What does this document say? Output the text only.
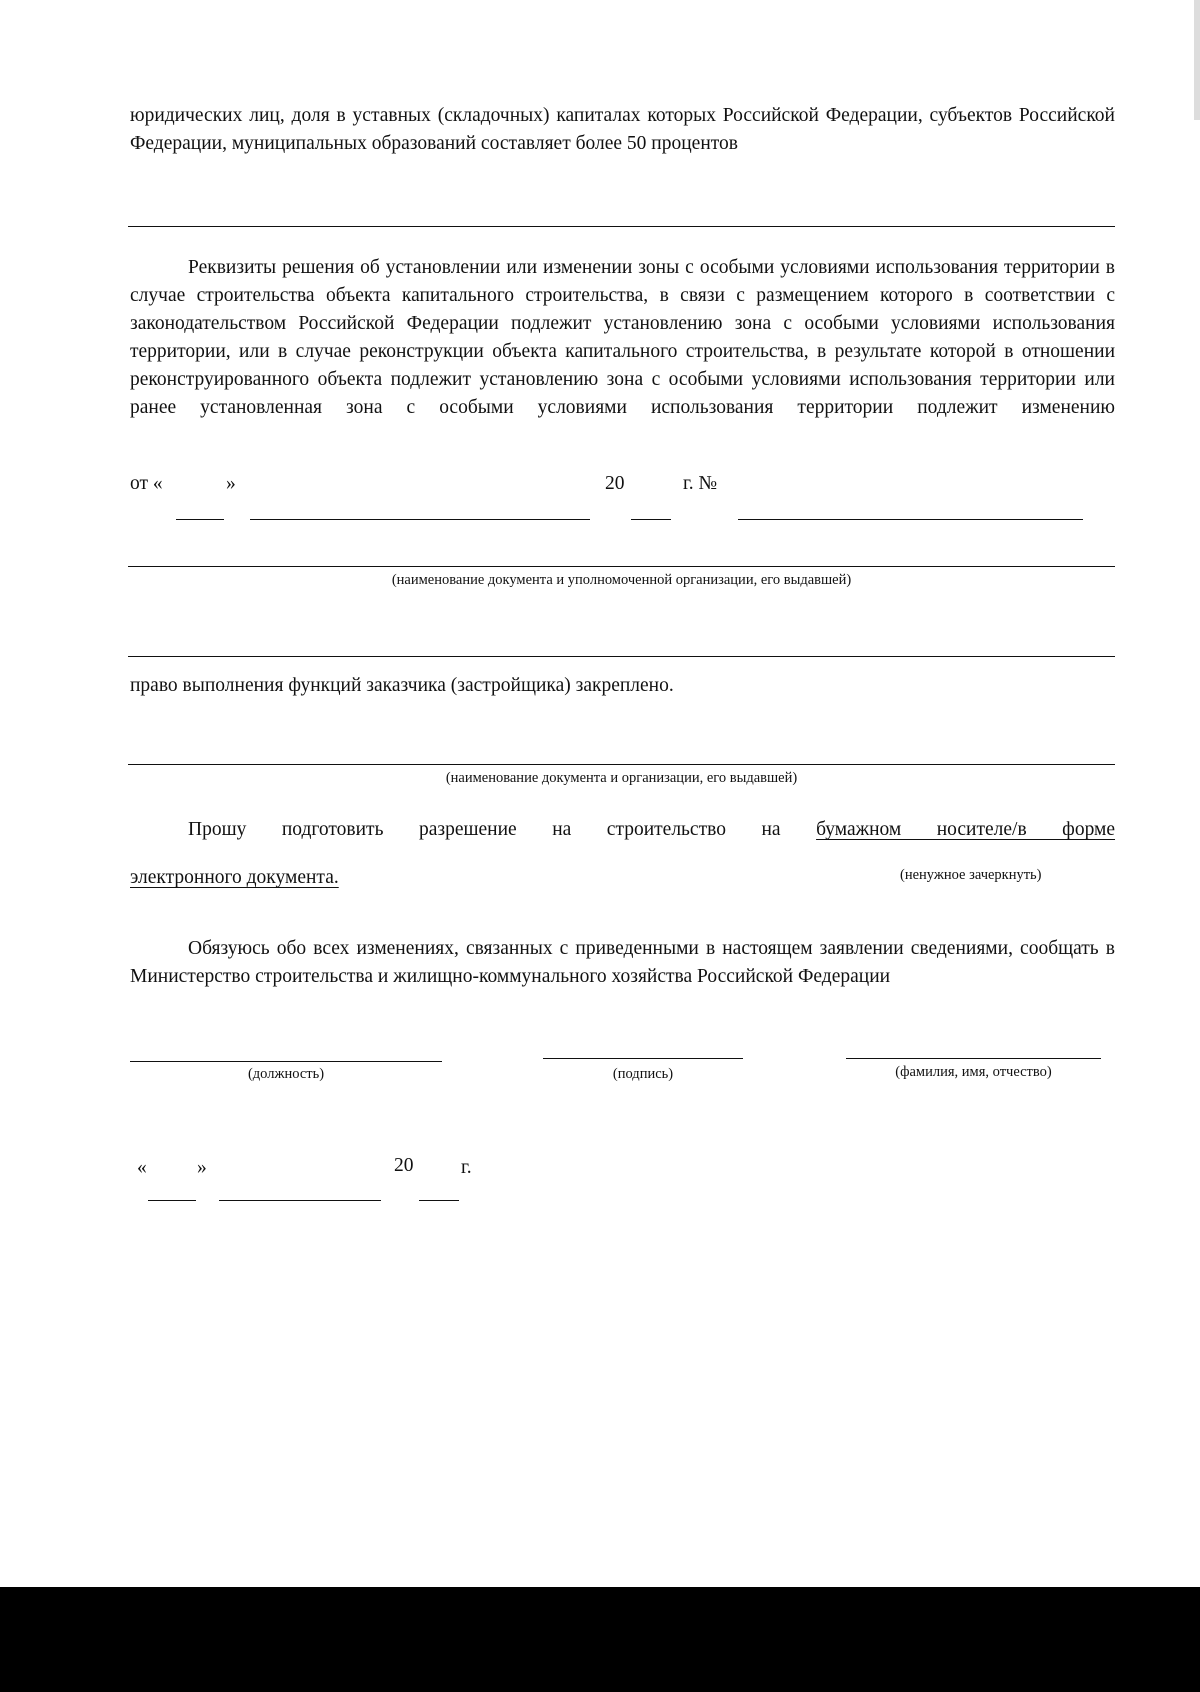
юридических лиц, доля в уставных (складочных) капиталах которых Российской Федерации, субъектов Российской Федерации, муниципальных образований составляет более 50 процентов
Реквизиты решения об установлении или изменении зоны с особыми условиями использования территории в случае строительства объекта капитального строительства, в связи с размещением которого в соответствии с законодательством Российской Федерации подлежит установлению зона с особыми условиями использования территории, или в случае реконструкции объекта капитального строительства, в результате которой в отношении реконструированного объекта подлежит установлению зона с особыми условиями использования территории или ранее установленная зона с особыми условиями использования территории подлежит изменению
от «	»	20	г. №
(наименование документа и уполномоченной организации, его выдавшей)
право выполнения функций заказчика (застройщика) закреплено.
(наименование документа и организации, его выдавшей)
Прошу подготовить разрешение на строительство на бумажном носителе/в форме
электронного документа.	(ненужное зачеркнуть)
Обязуюсь обо всех изменениях, связанных с приведенными в настоящем заявлении сведениями, сообщать в Министерство строительства и жилищно-коммунального хозяйства Российской Федерации
(должность)	(подпись)	(фамилия, имя, отчество)
«	»	20 г.
